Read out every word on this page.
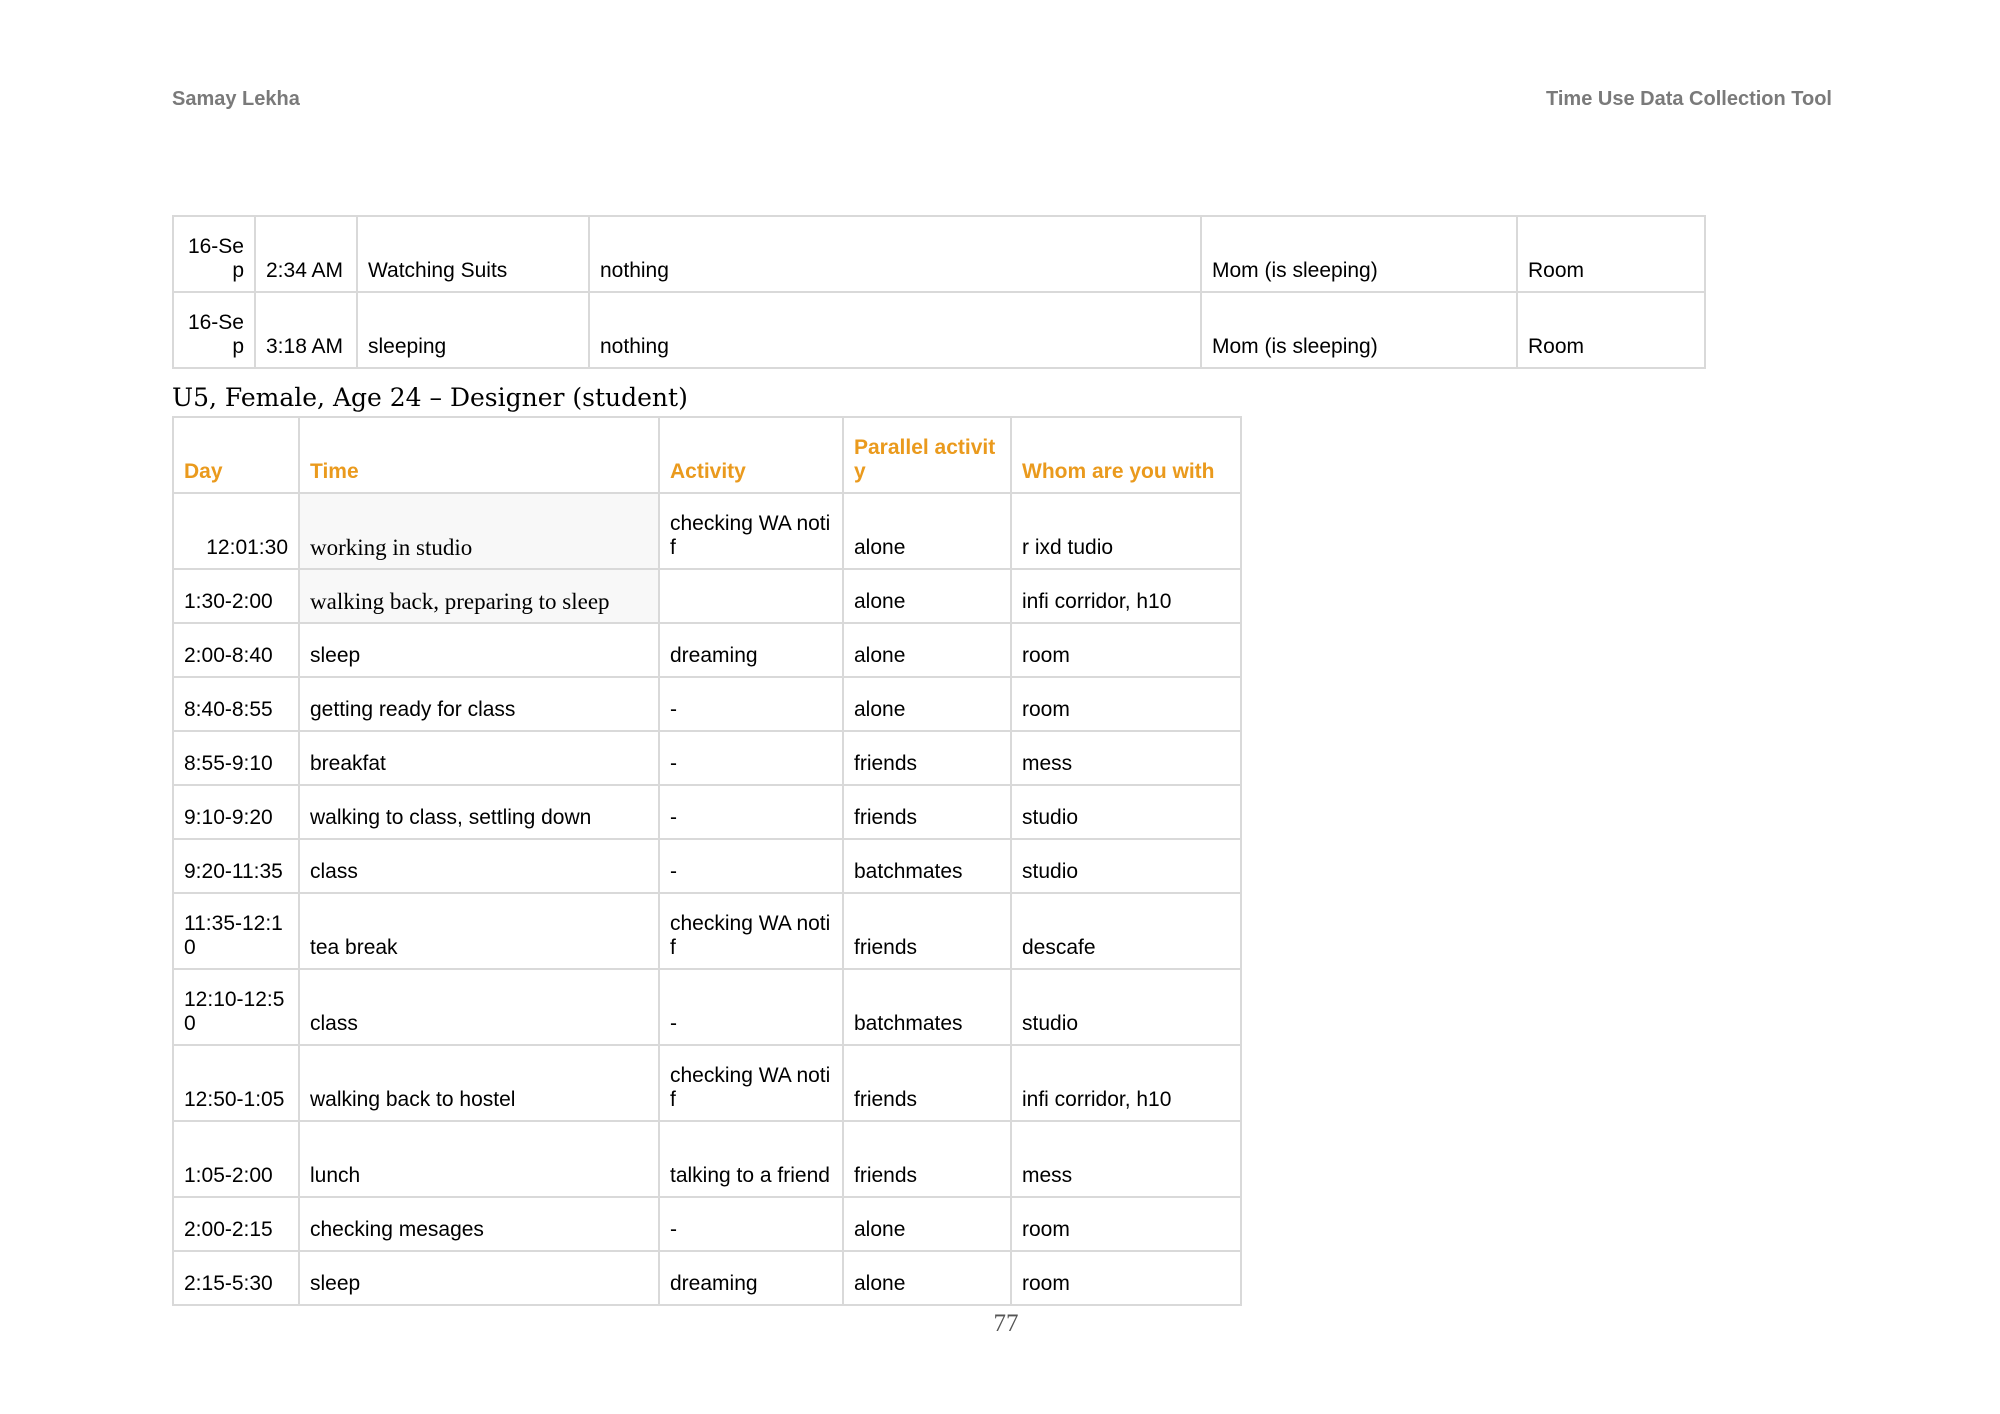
Samay Lekha	Time Use Data Collection Tool
16-Sep	2:34 AM	Watching Suits	nothing	Mom (is sleeping)	Room
16-Sep	3:18 AM	sleeping	nothing	Mom (is sleeping)	Room
U5, Female, Age 24 – Designer (student)
Day	Time	Activity	Parallel activity	Whom are you with
12:01:30	working in studio	checking WA notif	alone	r ixd tudio
1:30-2:00	walking back, preparing to sleep		alone	infi corridor, h10
2:00-8:40	sleep	dreaming	alone	room
8:40-8:55	getting ready for class	-	alone	room
8:55-9:10	breakfat	-	friends	mess
9:10-9:20	walking to class, settling down	-	friends	studio
9:20-11:35	class	-	batchmates	studio
11:35-12:10	tea break	checking WA notif	friends	descafe
12:10-12:50	class	-	batchmates	studio
12:50-1:05	walking back to hostel	checking WA notif	friends	infi corridor, h10
1:05-2:00	lunch	talking to a friend	friends	mess
2:00-2:15	checking mesages	-	alone	room
2:15-5:30	sleep	dreaming	alone	room
77
